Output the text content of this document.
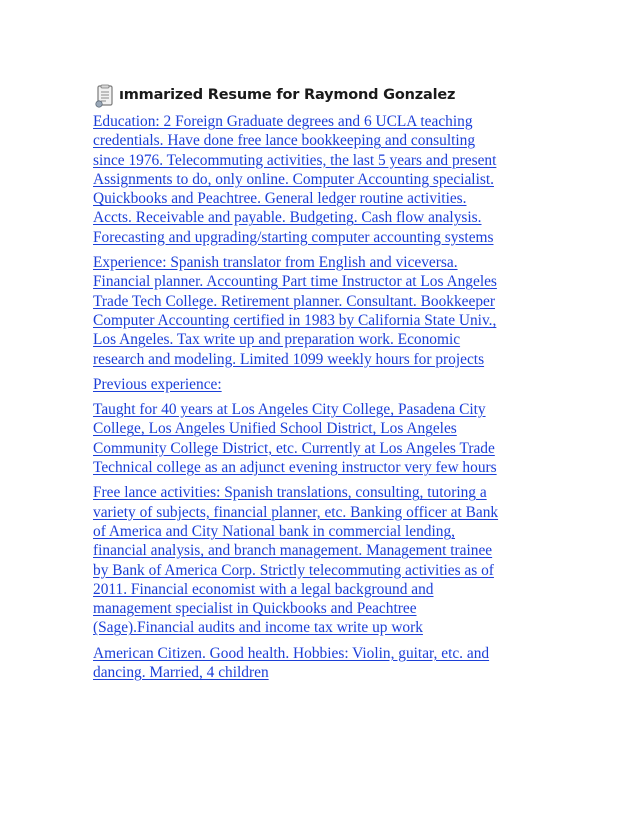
ımmarized Resume for Raymond Gonzalez

Education: 2 Foreign Graduate degrees and 6 UCLA teaching
credentials. Have done free lance bookkeeping and consulting
since 1976. Telecommuting activities, the last 5 years and present
Assignments to do, only online. Computer Accounting specialist.
Quickbooks and Peachtree. General ledger routine activities.
Accts. Receivable and payable. Budgeting. Cash flow analysis.
Forecasting and upgrading/starting computer accounting systems

Experience: Spanish translator from English and viceversa.
Financial planner. Accounting Part time Instructor at Los Angeles
Trade Tech College. Retirement planner. Consultant. Bookkeeper
Computer Accounting certified in 1983 by California State Univ.,
Los Angeles. Tax write up and preparation work. Economic
research and modeling. Limited 1099 weekly hours for projects

Previous experience:

Taught for 40 years at Los Angeles City College, Pasadena City
College, Los Angeles Unified School District, Los Angeles
Community College District, etc. Currently at Los Angeles Trade
Technical college as an adjunct evening instructor very few hours

Free lance activities: Spanish translations, consulting, tutoring a
variety of subjects, financial planner, etc. Banking officer at Bank
of America and City National bank in commercial lending,
financial analysis, and branch management. Management trainee
by Bank of America Corp. Strictly telecommuting activities as of
2011. Financial economist with a legal background and
management specialist in Quickbooks and Peachtree
(Sage).Financial audits and income tax write up work

American Citizen. Good health. Hobbies: Violin, guitar, etc. and
dancing. Married, 4 children
